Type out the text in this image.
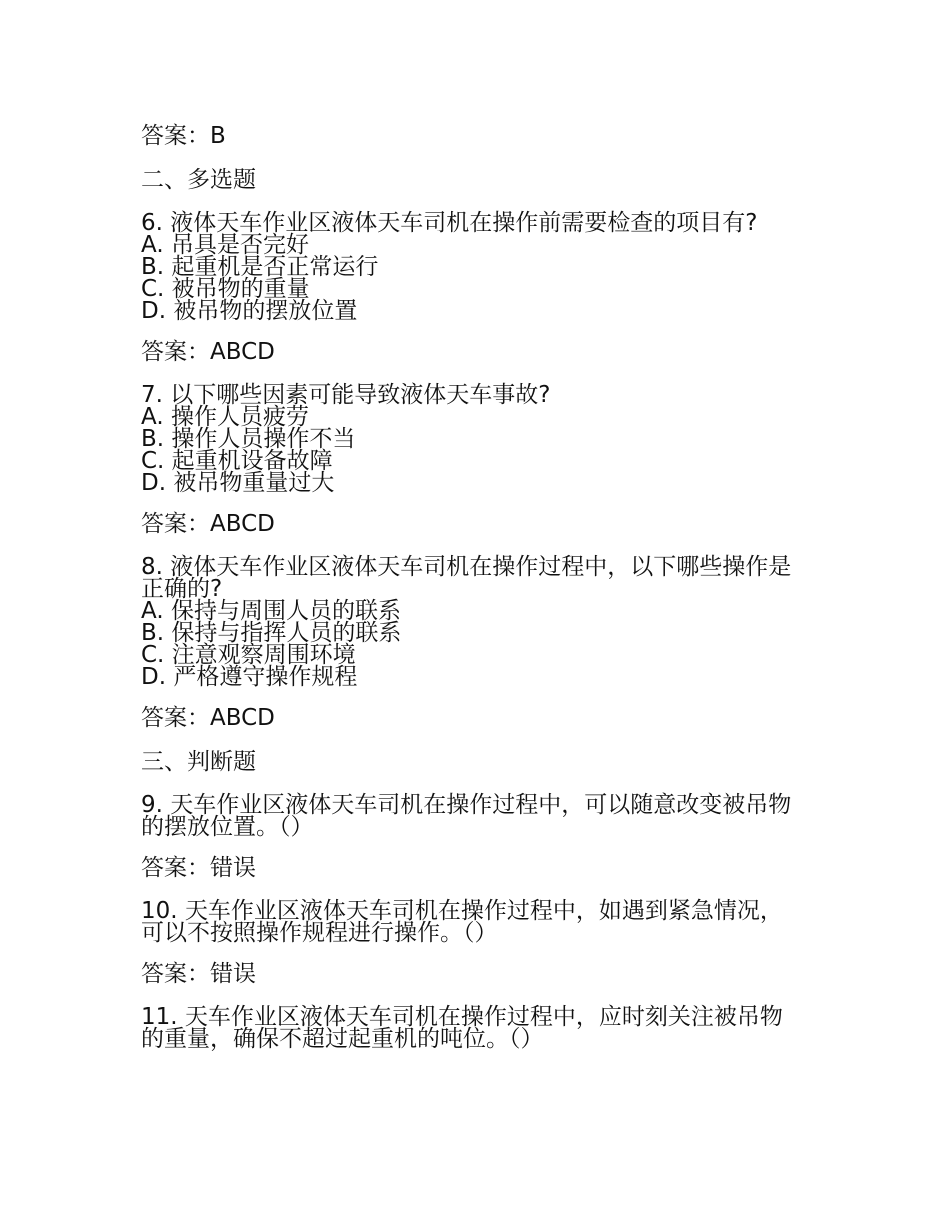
答案：B
二、多选题
6. 液体天车作业区液体天车司机在操作前需要检查的项目有?
A. 吊具是否完好
B. 起重机是否正常运行
C. 被吊物的重量
D. 被吊物的摆放位置
答案：ABCD
7. 以下哪些因素可能导致液体天车事故?
A. 操作人员疲劳
B. 操作人员操作不当
C. 起重机设备故障
D. 被吊物重量过大
答案：ABCD
8. 液体天车作业区液体天车司机在操作过程中，以下哪些操作是正确的?
A. 保持与周围人员的联系
B. 保持与指挥人员的联系
C. 注意观察周围环境
D. 严格遵守操作规程
答案：ABCD
三、判断题
9. 天车作业区液体天车司机在操作过程中，可以随意改变被吊物的摆放位置。（）
答案：错误
10. 天车作业区液体天车司机在操作过程中，如遇到紧急情况，可以不按照操作规程进行操作。（）
答案：错误
11. 天车作业区液体天车司机在操作过程中，应时刻关注被吊物的重量，确保不超过起重机的吨位。（）
